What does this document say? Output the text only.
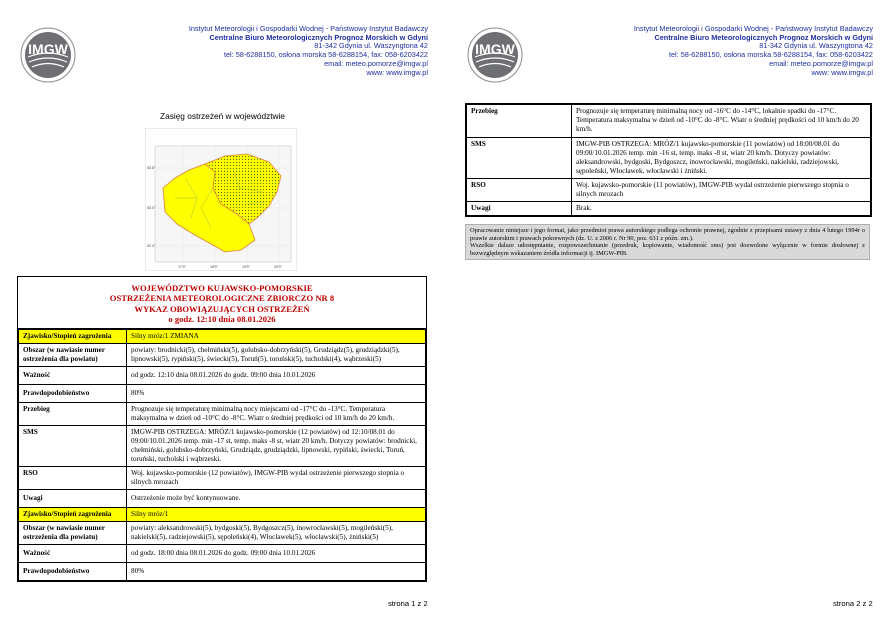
IMGW
Instytut Meteorologii i Gospodarki Wodnej - Państwowy Instytut Badawczy
Centralne Biuro Meteorologicznych Prognoz Morskich w Gdyni
81-342 Gdynia ul. Waszyngtona 42
tel: 58-6288150, osłona morska 58-6288154, fax: 058-6203422
email: meteo.pomorze@imgw.pl
www: www.imgw.pl
Zasięg ostrzeżeń w województwie
53.6°
53.0°
52.4°
17°E	18°E	19°E	20°E
WOJEWÓDZTWO KUJAWSKO-POMORSKIE
OSTRZEŻENIA METEOROLOGICZNE ZBIORCZO NR 8
WYKAZ OBOWIĄZUJĄCYCH OSTRZEŻEŃ
o godz. 12:10 dnia 08.01.2026
Zjawisko/Stopień zagrożenia	Silny mróz/1 ZMIANA
Obszar (w nawiasie numer ostrzeżenia dla powiatu)	powiaty: brodnicki(5), chełmiński(5), golubsko-dobrzyński(5), Grudziądz(5), grudziądzki(5), lipnowski(5), rypiński(5), świecki(5), Toruń(5), toruński(5), tucholski(4), wąbrzeski(5)
Ważność	od godz. 12:10 dnia 08.01.2026 do godz. 09:00 dnia 10.01.2026
Prawdopodobieństwo	80%
Przebieg	Prognozuje się temperaturę minimalną nocy miejscami od -17°C do -13°C. Temperatura maksymalna w dzień od -10°C do -8°C. Wiatr o średniej prędkości od 10 km/h do 20 km/h.
SMS	IMGW-PIB OSTRZEGA: MRÓZ/1 kujawsko-pomorskie (12 powiatów) od 12:10/08.01 do 09:00/10.01.2026 temp. min -17 st, temp. maks -8 st, wiatr 20 km/h. Dotyczy powiatów: brodnicki, chełmiński, golubsko-dobrzyński, Grudziądz, grudziądzki, lipnowski, rypiński, świecki, Toruń, toruński, tucholski i wąbrzeski.
RSO	Woj. kujawsko-pomorskie (12 powiatów), IMGW-PIB wydał ostrzeżenie pierwszego stopnia o silnych mrozach
Uwagi	Ostrzeżenie może być kontynuowane.
Zjawisko/Stopień zagrożenia	Silny mróz/1
Obszar (w nawiasie numer ostrzeżenia dla powiatu)	powiaty: aleksandrowski(5), bydgoski(5), Bydgoszcz(5), inowrocławski(5), mogileński(5), nakielski(5), radziejowski(5), sępoleński(4), Włocławek(5), włocławski(5), żniński(5)
Ważność	od godz. 18:00 dnia 08.01.2026 do godz. 09:00 dnia 10.01.2026
Prawdopodobieństwo	80%
strona 1 z 2
IMGW
Instytut Meteorologii i Gospodarki Wodnej - Państwowy Instytut Badawczy
Centralne Biuro Meteorologicznych Prognoz Morskich w Gdyni
81-342 Gdynia ul. Waszyngtona 42
tel: 58-6288150, osłona morska 58-6288154, fax: 058-6203422
email: meteo.pomorze@imgw.pl
www: www.imgw.pl
Przebieg	Prognozuje się temperaturę minimalną nocy od -16°C do -14°C, lokalnie spadki do -17°C. Temperatura maksymalna w dzień od -10°C do -8°C. Wiatr o średniej prędkości od 10 km/h do 20 km/h.
SMS	IMGW-PIB OSTRZEGA: MRÓZ/1 kujawsko-pomorskie (11 powiatów) od 18:00/08.01 do 09:00/10.01.2026 temp. min -16 st, temp. maks -8 st, wiatr 20 km/h. Dotyczy powiatów: aleksandrowski, bydgoski, Bydgoszcz, inowrocławski, mogileński, nakielski, radziejowski, sępoleński, Włocławek, włocławski i żniński.
RSO	Woj. kujawsko-pomorskie (11 powiatów), IMGW-PIB wydał ostrzeżenie pierwszego stopnia o silnych mrozach
Uwagi	Brak.
Opracowanie niniejsze i jego format, jako przedmiot prawa autorskiego podlega ochronie prawnej, zgodnie z przepisami ustawy z dnia 4 lutego 1994r o prawie autorskim i prawach pokrewnych (dz. U. z 2006 r. Nr 90, poz. 631 z późn. zm.).
Wszelkie dalsze udostępnianie, rozpowszechnianie (przedruk, kopiowanie, wiadomość sms) jest dozwolone wyłącznie w formie dosłownej z bezwzględnym wskazaniem źródła informacji tj. IMGW-PIB.
strona 2 z 2
